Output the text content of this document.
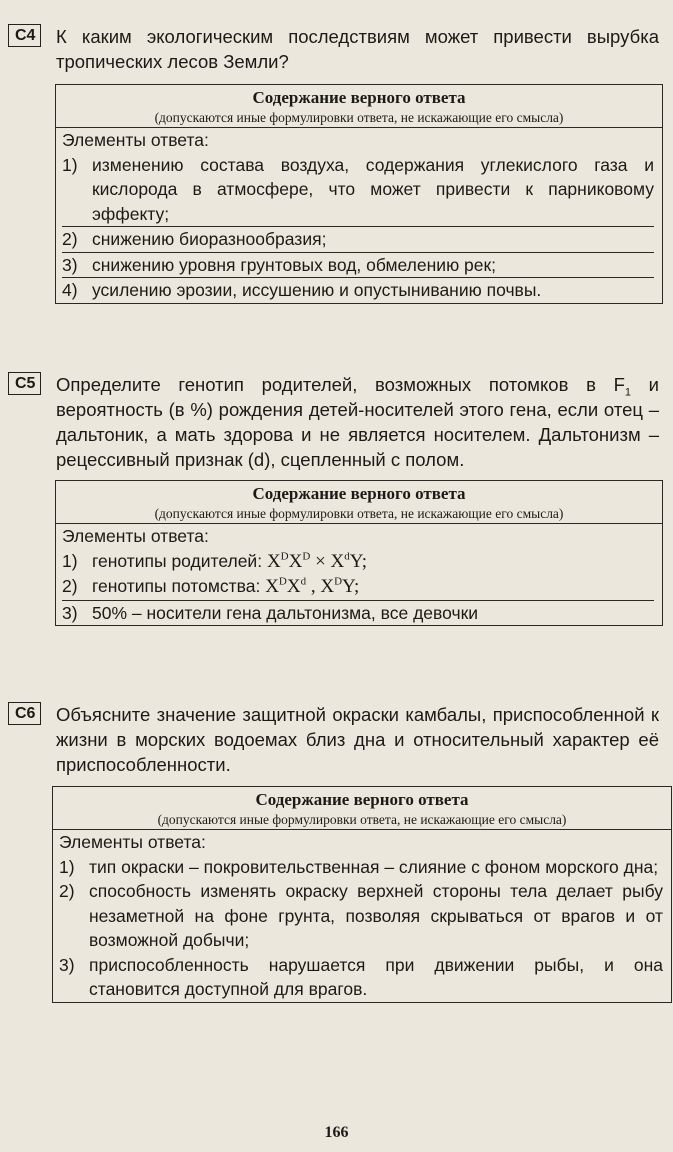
C4	К каким экологическим последствиям может привести вырубка тропических лесов Земли?
Содержание верного ответа
(допускаются иные формулировки ответа, не искажающие его смысла)
Элементы ответа:
1) изменению состава воздуха, содержания углекислого газа и кислорода в атмосфере, что может привести к парниковому эффекту;
2) снижению биоразнообразия;
3) снижению уровня грунтовых вод, обмелению рек;
4) усилению эрозии, иссушению и опустыниванию почвы.
C5	Определите генотип родителей, возможных потомков в $F_1$ и вероятность (в %) рождения детей-носителей этого гена, если отец – дальтоник, а мать здорова и не является носителем. Дальтонизм – рецессивный признак (d), сцепленный с полом.
Содержание верного ответа
(допускаются иные формулировки ответа, не искажающие его смысла)
Элементы ответа:
1) генотипы родителей: $X^DX^D \times X^dY$;
2) генотипы потомства: $X^DX^d$ , $X^DY$;
3) 50% – носители гена дальтонизма, все девочки
C6	Объясните значение защитной окраски камбалы, приспособленной к жизни в морских водоемах близ дна и относительный характер её приспособленности.
Содержание верного ответа
(допускаются иные формулировки ответа, не искажающие его смысла)
Элементы ответа:
1) тип окраски – покровительственная – слияние с фоном морского дна;
2) способность изменять окраску верхней стороны тела делает рыбу незаметной на фоне грунта, позволяя скрываться от врагов и от возможной добычи;
3) приспособленность нарушается при движении рыбы, и она становится доступной для врагов.
166
